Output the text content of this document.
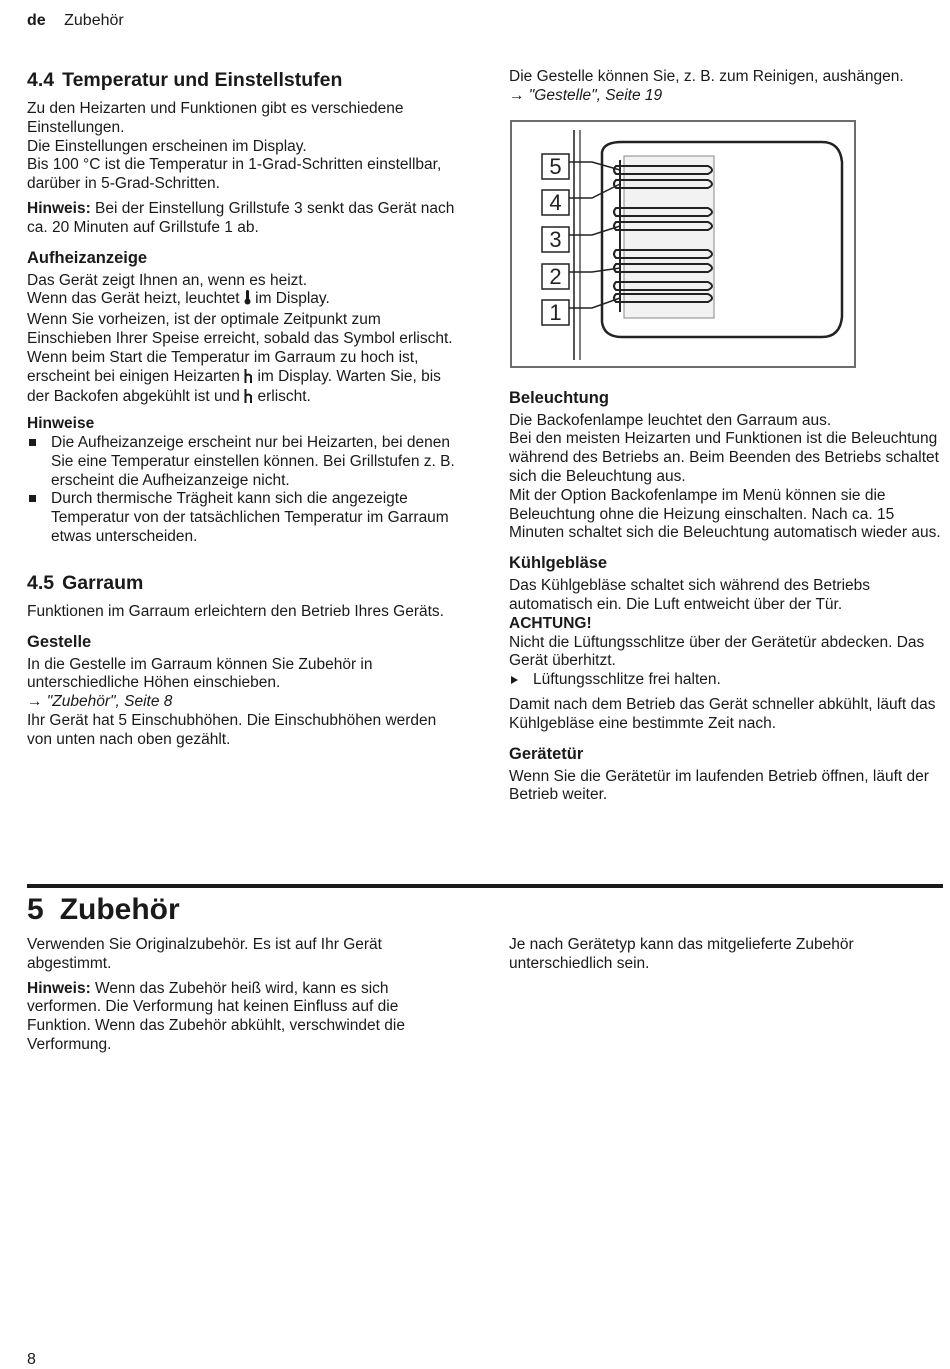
de Zubehör
4.4 Temperatur und Einstellstufen

Zu den Heizarten und Funktionen gibt es verschiedene Einstellungen.

Die Einstellungen erscheinen im Display.

Bis 100 °C ist die Temperatur in 1-Grad-Schritten einstellbar, darüber in 5-Grad-Schritten.

Hinweis: Bei der Einstellung Grillstufe 3 senkt das Gerät nach ca. 20 Minuten auf Grillstufe 1 ab.

Aufheizanzeige

Das Gerät zeigt Ihnen an, wenn es heizt.

Wenn das Gerät heizt, leuchtet  im Display.

Wenn Sie vorheizen, ist der optimale Zeitpunkt zum Einschieben Ihrer Speise erreicht, sobald das Symbol erlischt.

Wenn beim Start die Temperatur im Garraum zu hoch ist, erscheint bei einigen Heizarten  im Display. Warten Sie, bis der Backofen abgekühlt ist und  erlischt.

Hinweise

Die Aufheizanzeige erscheint nur bei Heizarten, bei denen Sie eine Temperatur einstellen können. Bei Grillstufen z. B. erscheint die Aufheizanzeige nicht.
Durch thermische Trägheit kann sich die angezeigte Temperatur von der tatsächlichen Temperatur im Garraum etwas unterscheiden.
4.5 Garraum

Funktionen im Garraum erleichtern den Betrieb Ihres Geräts.

Gestelle

In die Gestelle im Garraum können Sie Zubehör in unterschiedliche Höhen einschieben.

→ "Zubehör", Seite 8

Ihr Gerät hat 5 Einschubhöhen. Die Einschubhöhen werden von unten nach oben gezählt.

Die Gestelle können Sie, z. B. zum Reinigen, aushängen.

→ "Gestelle", Seite 19

5
4
3
2
1
Beleuchtung

Die Backofenlampe leuchtet den Garraum aus.

Bei den meisten Heizarten und Funktionen ist die Beleuchtung während des Betriebs an. Beim Beenden des Betriebs schaltet sich die Beleuchtung aus.

Mit der Option Backofenlampe im Menü können sie die Beleuchtung ohne die Heizung einschalten. Nach ca. 15 Minuten schaltet sich die Beleuchtung automatisch wieder aus.

Kühlgebläse

Das Kühlgebläse schaltet sich während des Betriebs automatisch ein. Die Luft entweicht über der Tür.

ACHTUNG!

Nicht die Lüftungsschlitze über der Gerätetür abdecken. Das Gerät überhitzt.

Lüftungsschlitze frei halten.

Damit nach dem Betrieb das Gerät schneller abkühlt, läuft das Kühlgebläse eine bestimmte Zeit nach.

Gerätetür

Wenn Sie die Gerätetür im laufenden Betrieb öffnen, läuft der Betrieb weiter.

5 Zubehör

Verwenden Sie Originalzubehör. Es ist auf Ihr Gerät abgestimmt.

Hinweis: Wenn das Zubehör heiß wird, kann es sich verformen. Die Verformung hat keinen Einfluss auf die Funktion. Wenn das Zubehör abkühlt, verschwindet die Verformung.

Je nach Gerätetyp kann das mitgelieferte Zubehör unterschiedlich sein.

8
